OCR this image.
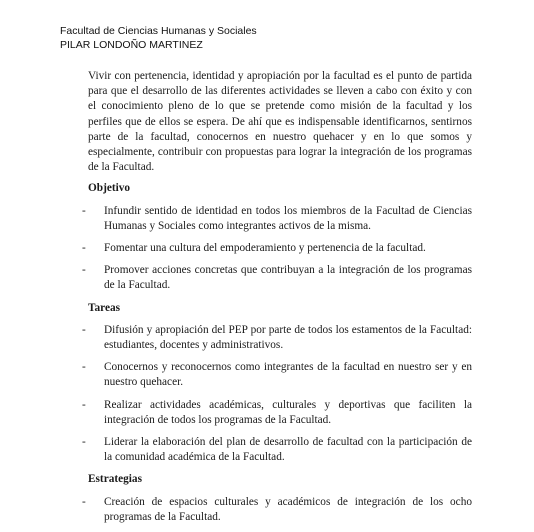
Facultad de Ciencias Humanas y Sociales
PILAR LONDOÑO MARTINEZ

Vivir con pertenencia, identidad y apropiación por la facultad es el punto de partida para que el desarrollo de las diferentes actividades se lleven a cabo con éxito y con el conocimiento pleno de lo que se pretende como misión de la facultad y los perfiles que de ellos se espera. De ahí que es indispensable identificarnos, sentirnos parte de la facultad, conocernos en nuestro quehacer y en lo que somos y especialmente, contribuir con propuestas para lograr la integración de los programas de la Facultad.

Objetivo
- Infundir sentido de identidad en todos los miembros de la Facultad de Ciencias Humanas y Sociales como integrantes activos de la misma.
- Fomentar una cultura del empoderamiento y pertenencia de la facultad.
- Promover acciones concretas que contribuyan a la integración de los programas de la Facultad.
Tareas
- Difusión y apropiación del PEP por parte de todos los estamentos de la Facultad: estudiantes, docentes y administrativos.
- Conocernos y reconocernos como integrantes de la facultad en nuestro ser y en nuestro quehacer.
- Realizar actividades académicas, culturales y deportivas que faciliten la integración de todos los programas de la Facultad.
- Liderar la elaboración del plan de desarrollo de facultad con la participación de la comunidad académica de la Facultad.
Estrategias
- Creación de espacios culturales y académicos de integración de los ocho programas de la Facultad.
